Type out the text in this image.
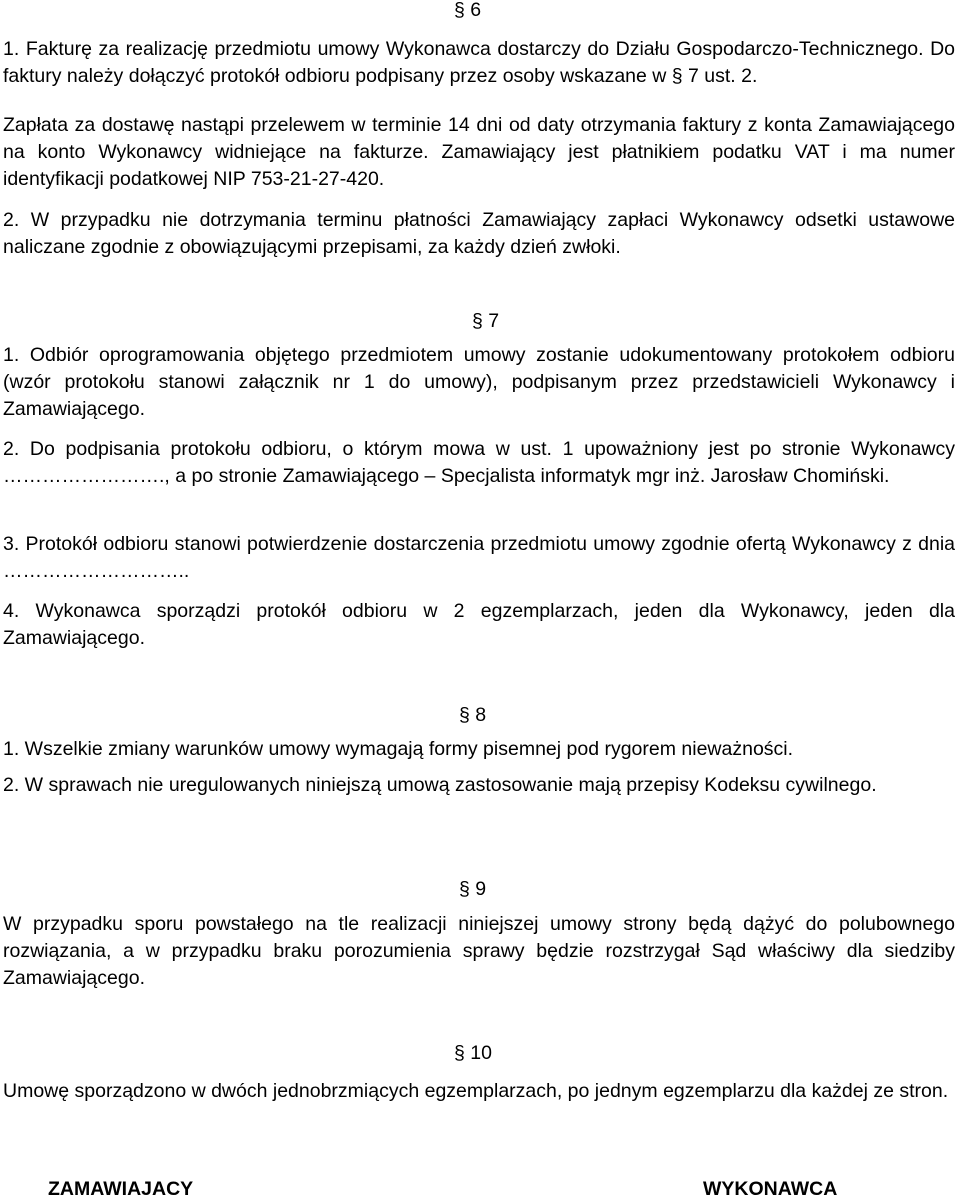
§ 6

1. Fakturę za realizację przedmiotu umowy Wykonawca dostarczy do Działu Gospodarczo-Technicznego. Do faktury należy dołączyć protokół odbioru podpisany przez osoby wskazane w § 7 ust. 2.

Zapłata za dostawę nastąpi przelewem w terminie 14 dni od daty otrzymania faktury z konta Zamawiającego na konto Wykonawcy widniejące na fakturze. Zamawiający jest płatnikiem podatku VAT i ma numer identyfikacji podatkowej NIP 753-21-27-420.

2. W przypadku nie dotrzymania terminu płatności Zamawiający zapłaci Wykonawcy odsetki ustawowe naliczane zgodnie z obowiązującymi przepisami, za każdy dzień zwłoki.

§ 7

1. Odbiór oprogramowania objętego przedmiotem umowy zostanie udokumentowany protokołem odbioru (wzór protokołu stanowi załącznik nr 1 do umowy), podpisanym przez przedstawicieli Wykonawcy i Zamawiającego.

2. Do podpisania protokołu odbioru, o którym mowa w ust. 1 upoważniony jest po stronie Wykonawcy ……………………., a po stronie Zamawiającego – Specjalista informatyk mgr inż. Jarosław Chomiński.

3. Protokół odbioru stanowi potwierdzenie dostarczenia przedmiotu umowy zgodnie ofertą Wykonawcy z dnia ………………………..

4. Wykonawca sporządzi protokół odbioru w 2 egzemplarzach, jeden dla Wykonawcy, jeden dla Zamawiającego.

§ 8

1. Wszelkie zmiany warunków umowy wymagają formy pisemnej pod rygorem nieważności.

2. W sprawach nie uregulowanych niniejszą umową zastosowanie mają przepisy Kodeksu cywilnego.

§ 9

W przypadku sporu powstałego na tle realizacji niniejszej umowy strony będą dążyć do polubownego rozwiązania, a w przypadku braku porozumienia sprawy będzie rozstrzygał Sąd właściwy dla siedziby Zamawiającego.

§ 10

Umowę sporządzono w dwóch jednobrzmiących egzemplarzach, po jednym egzemplarzu dla każdej ze stron.

ZAMAWIAJACY	WYKONAWCA
